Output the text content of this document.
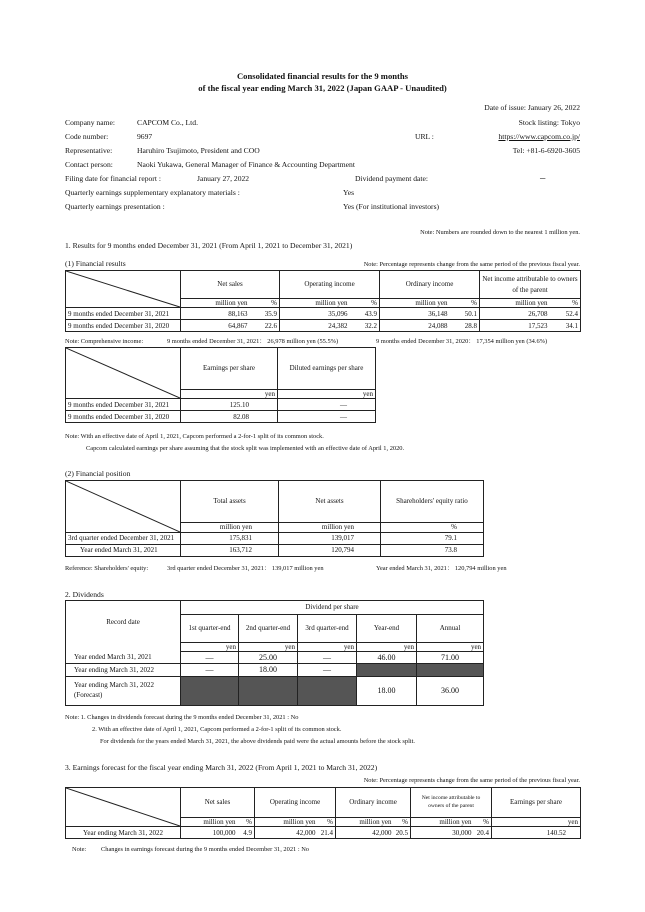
Consolidated financial results for the 9 months
of the fiscal year ending March 31, 2022 (Japan GAAP - Unaudited)
Date of issue: January 26, 2022
Company name:	CAPCOM Co., Ltd.	Stock listing: Tokyo
Code number:	9697	URL :	https://www.capcom.co.jp/
Representative:	Haruhiro Tsujimoto, President and COO	Tel: +81-6-6920-3605
Contact person:	Naoki Yukawa, General Manager of Finance & Accounting Department
Filing date for financial report :	January 27, 2022	Dividend payment date:	─
Quarterly earnings supplementary explanatory materials :	Yes
Quarterly earnings presentation :	Yes (For institutional investors)
Note: Numbers are rounded down to the nearest 1 million yen.
1. Results for 9 months ended December 31, 2021 (From April 1, 2021 to December 31, 2021)
(1) Financial results	Note: Percentage represents change from the same period of the previous fiscal year.
	Net sales		Operating income		Ordinary income		Net income attributable to owners of the parent	
	million yen	%	million yen	%	million yen	%	million yen	%
9 months ended December 31, 2021	88,163	35.9	35,096	43.9	36,148	50.1	26,708	52.4
9 months ended December 31, 2020	64,867	22.6	24,382	32.2	24,088	28.8	17,523	34.1
Note: Comprehensive income:	9 months ended December 31, 2021： 26,978 million yen (55.5%)	9 months ended December 31, 2020： 17,354 million yen (34.6%)
	Earnings per share	Diluted earnings per share
	yen	yen
9 months ended December 31, 2021	125.10	―
9 months ended December 31, 2020	82.08	―
Note: With an effective date of April 1, 2021, Capcom performed a 2-for-1 split of its common stock.
Capcom calculated earnings per share assuming that the stock split was implemented with an effective date of April 1, 2020.
(2) Financial position
	Total assets	Net assets	Shareholders' equity ratio
	million yen	million yen	%
3rd quarter ended December 31, 2021	175,831	139,017	79.1
Year ended March 31, 2021	163,712	120,794	73.8
Reference: Shareholders' equity:	3rd quarter ended December 31, 2021： 139,017 million yen	Year ended March 31, 2021： 120,794 million yen
2. Dividends
Record date	Dividend per share				
	1st quarter-end	2nd quarter-end	3rd quarter-end	Year-end	Annual
	yen	yen	yen	yen	yen
Year ended March 31, 2021	―	25.00	―	46.00	71.00
Year ending March 31, 2022	―	18.00	―		
Year ending March 31, 2022
(Forecast)				18.00	36.00
Note: 1. Changes in dividends forecast during the 9 months ended December 31, 2021 : No
2. With an effective date of April 1, 2021, Capcom performed a 2-for-1 split of its common stock.
For dividends for the years ended March 31, 2021, the above dividends paid were the actual amounts before the stock split.
3. Earnings forecast for the fiscal year ending March 31, 2022 (From April 1, 2021 to March 31, 2022)
Note: Percentage represents change from the same period of the previous fiscal year.
	Net sales		Operating income		Ordinary income		Net income attributable to owners of the parent		Earnings per share
	million yen	%	million yen	%	million yen	%	million yen	%	yen
Year ending March 31, 2022	100,000	4.9	42,000	21.4	42,000	20.5	30,000	20.4	140.52
Note: Changes in earnings forecast during the 9 months ended December 31, 2021 : No
